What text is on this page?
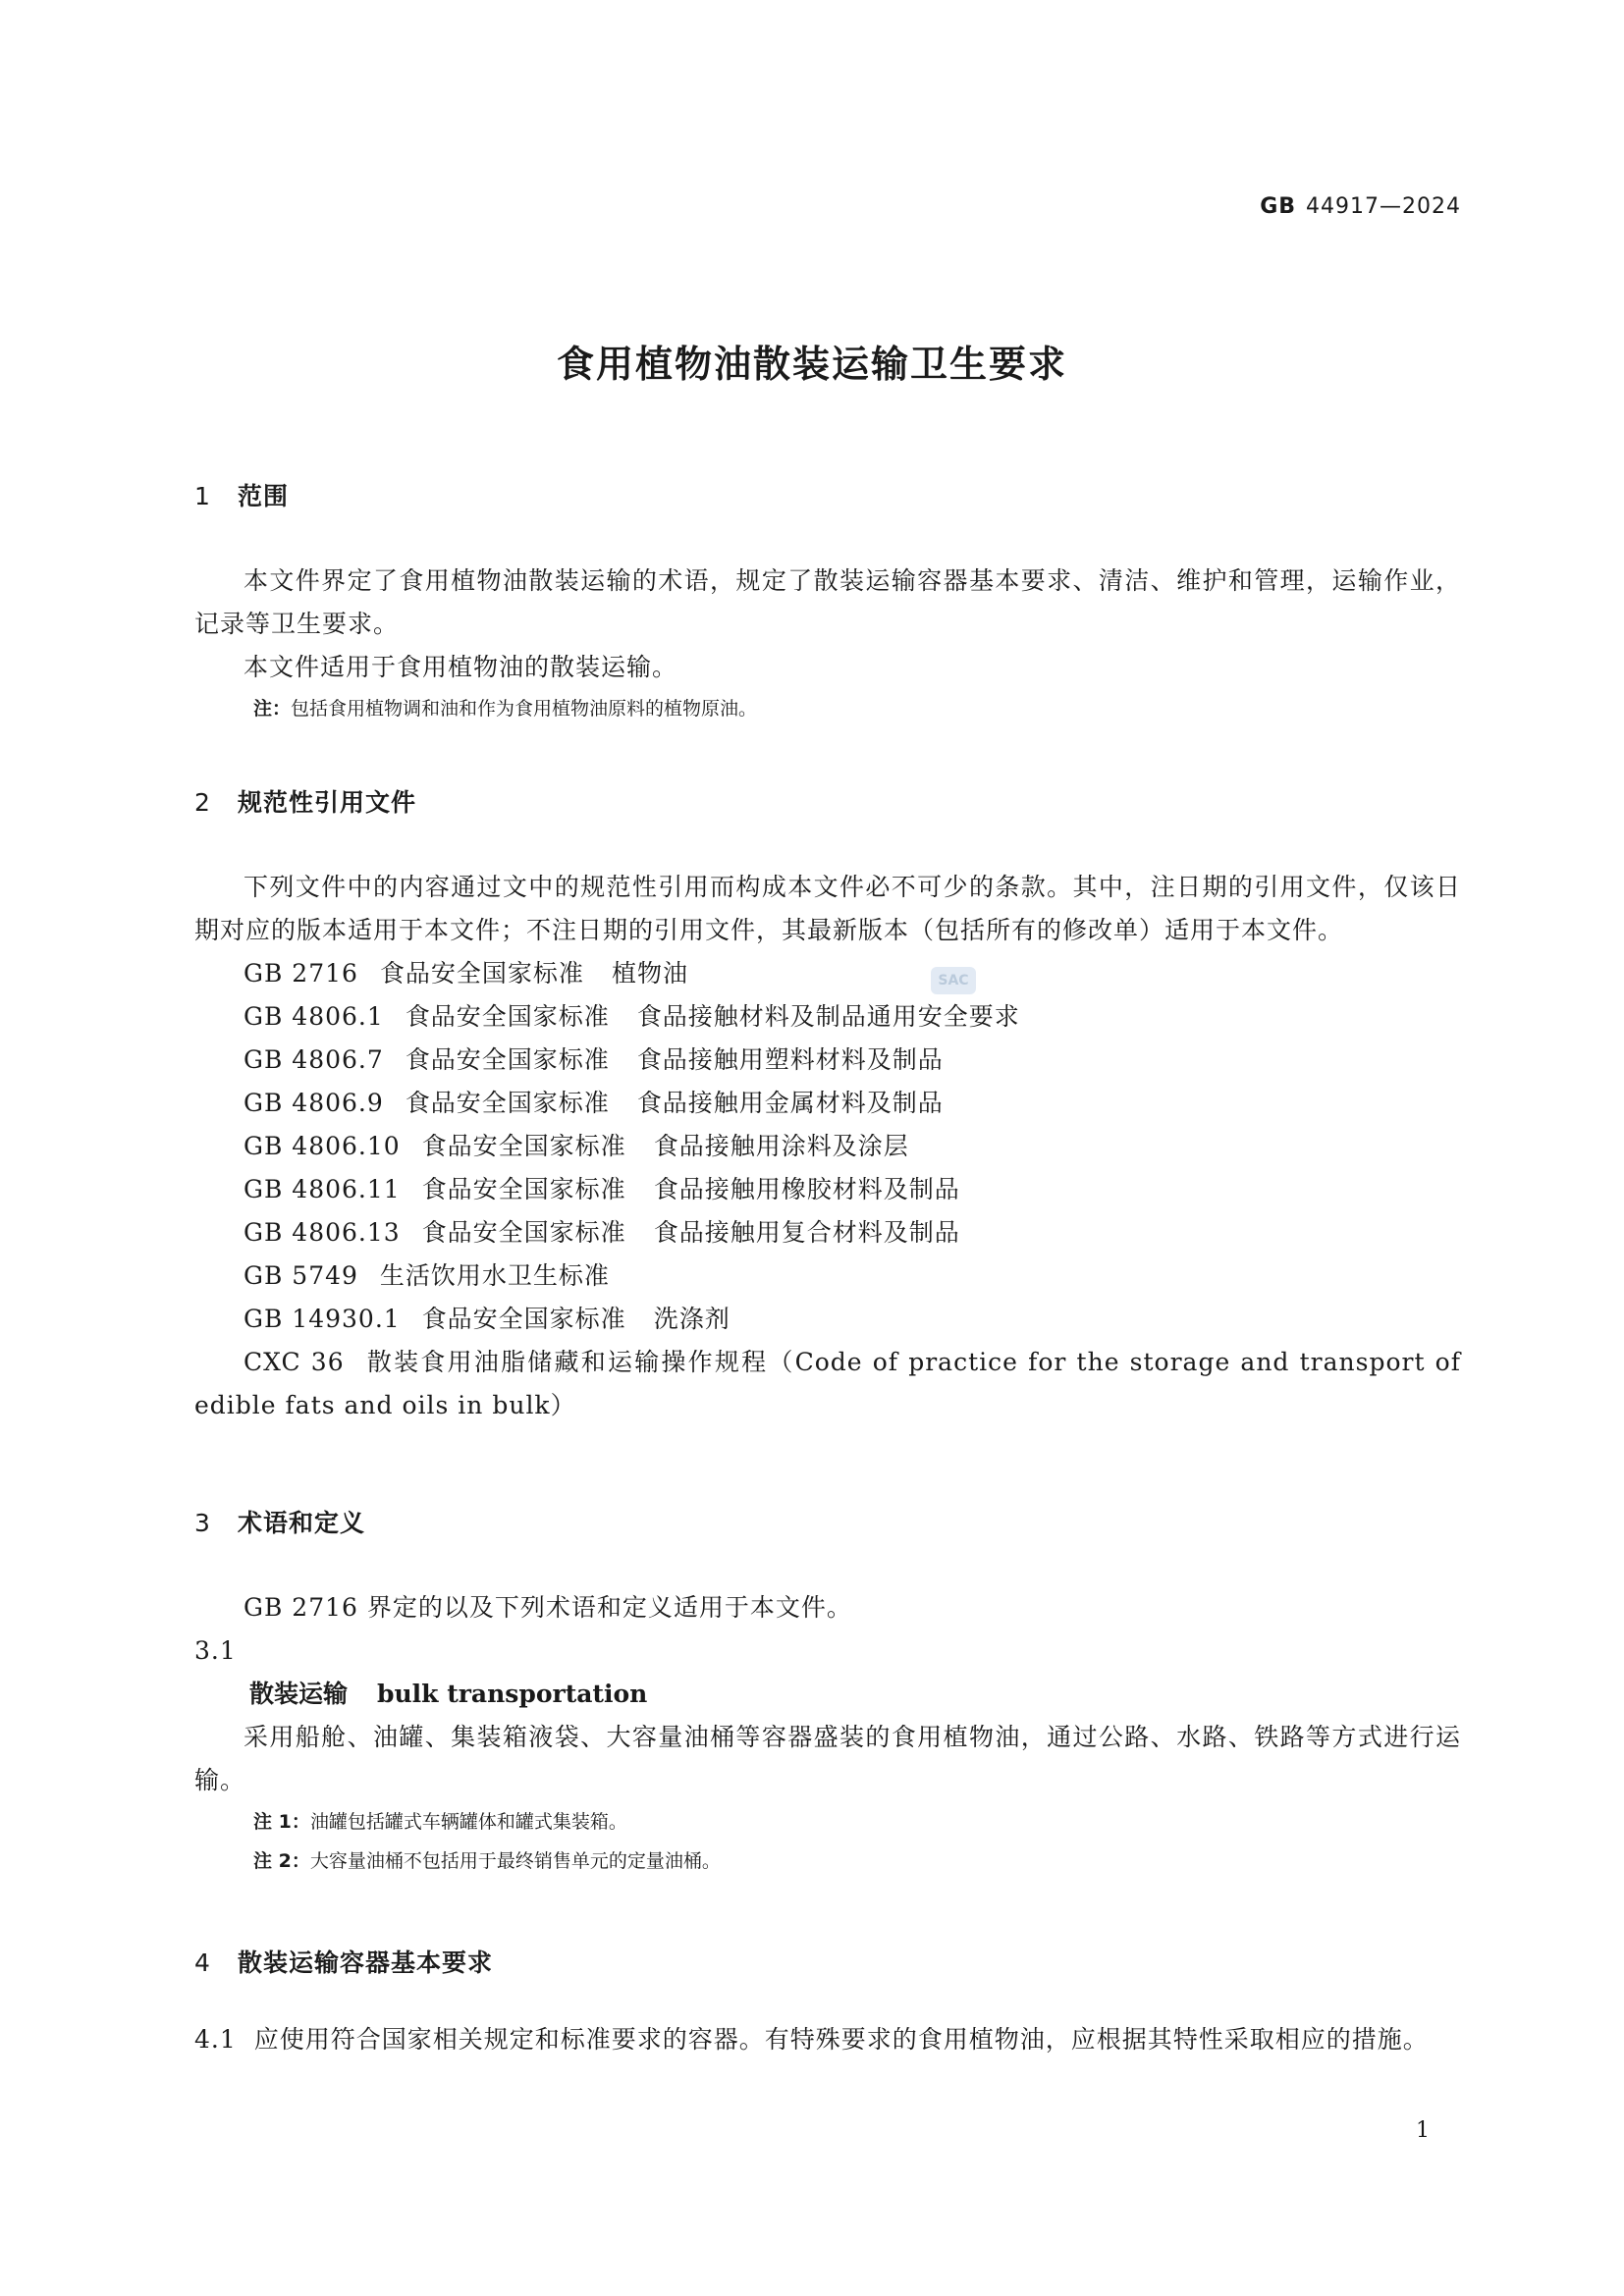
GB 44917—2024
食用植物油散装运输卫生要求
1 范围
本文件界定了食用植物油散装运输的术语，规定了散装运输容器基本要求、清洁、维护和管理，运输作业，记录等卫生要求。
本文件适用于食用植物油的散装运输。
注：包括食用植物调和油和作为食用植物油原料的植物原油。
2 规范性引用文件
下列文件中的内容通过文中的规范性引用而构成本文件必不可少的条款。其中，注日期的引用文件，仅该日期对应的版本适用于本文件；不注日期的引用文件，其最新版本（包括所有的修改单）适用于本文件。
GB 2716 食品安全国家标准 植物油
GB 4806.1 食品安全国家标准 食品接触材料及制品通用安全要求
GB 4806.7 食品安全国家标准 食品接触用塑料材料及制品
GB 4806.9 食品安全国家标准 食品接触用金属材料及制品
GB 4806.10 食品安全国家标准 食品接触用涂料及涂层
GB 4806.11 食品安全国家标准 食品接触用橡胶材料及制品
GB 4806.13 食品安全国家标准 食品接触用复合材料及制品
GB 5749 生活饮用水卫生标准
GB 14930.1 食品安全国家标准 洗涤剂
CXC 36 散装食用油脂储藏和运输操作规程（Code of practice for the storage and transport of edible fats and oils in bulk）
3 术语和定义
GB 2716 界定的以及下列术语和定义适用于本文件。
3.1
散装运输 bulk transportation
采用船舱、油罐、集装箱液袋、大容量油桶等容器盛装的食用植物油，通过公路、水路、铁路等方式进行运输。
注 1：油罐包括罐式车辆罐体和罐式集装箱。
注 2：大容量油桶不包括用于最终销售单元的定量油桶。
4 散装运输容器基本要求
4.1 应使用符合国家相关规定和标准要求的容器。有特殊要求的食用植物油，应根据其特性采取相应的措施。
SAC
1
